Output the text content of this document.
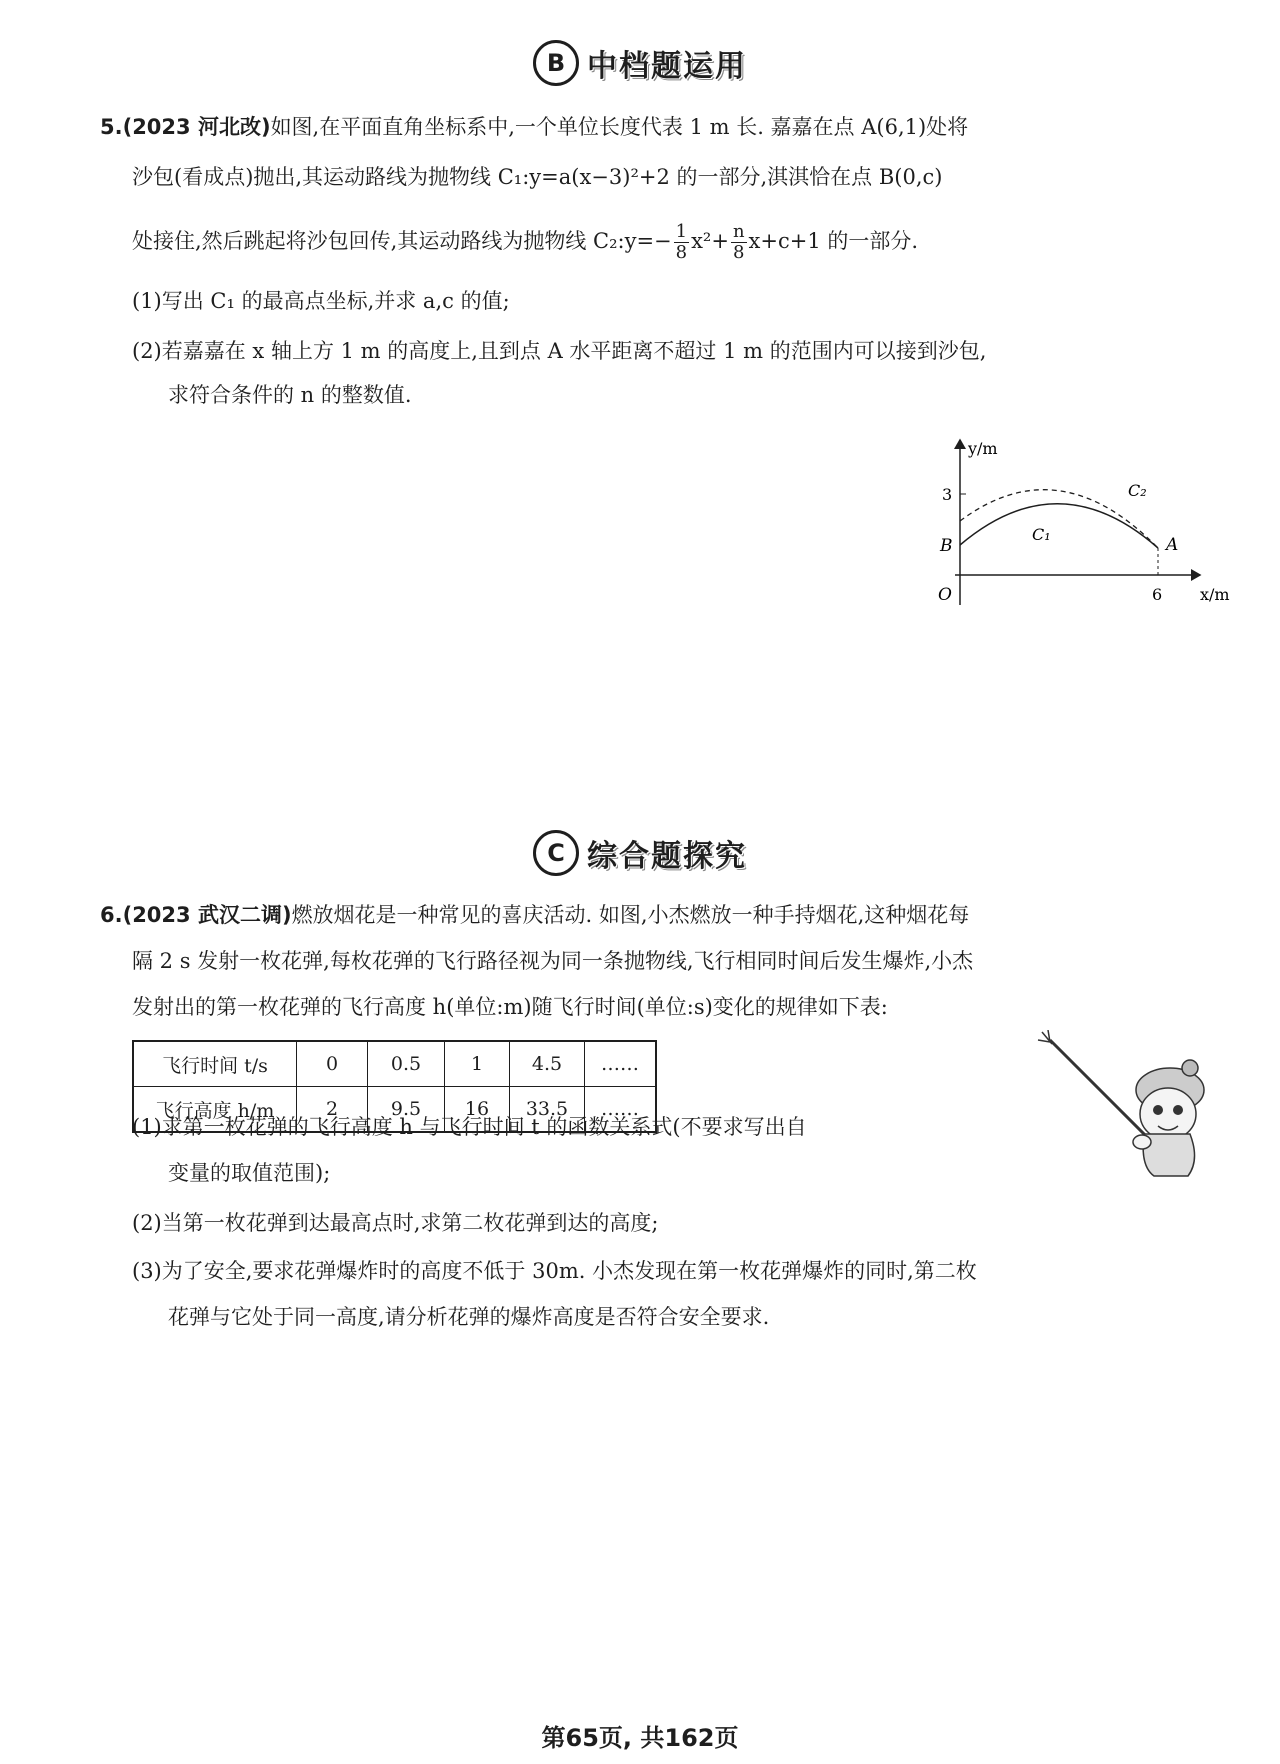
B 中档题运用
5.(2023 河北改)如图,在平面直角坐标系中,一个单位长度代表 1 m 长. 嘉嘉在点 A(6,1)处将
沙包(看成点)抛出,其运动路线为抛物线 C₁:y=a(x−3)²+2 的一部分,淇淇恰在点 B(0,c)
处接住,然后跳起将沙包回传,其运动路线为抛物线 C₂:y=− $\frac{1}{8} x^2+ \frac{n}{8} x+c+1$ 的一部分.
(1)写出 C₁ 的最高点坐标,并求 a,c 的值;
(2)若嘉嘉在 x 轴上方 1 m 的高度上,且到点 A 水平距离不超过 1 m 的范围内可以接到沙包,
求符合条件的 n 的整数值.
y/m
x/m
O
3
6
B	A
C₁
C₂
C 综合题探究
6.(2023 武汉二调)燃放烟花是一种常见的喜庆活动. 如图,小杰燃放一种手持烟花,这种烟花每
隔 2 s 发射一枚花弹,每枚花弹的飞行路径视为同一条抛物线,飞行相同时间后发生爆炸,小杰
发射出的第一枚花弹的飞行高度 h(单位:m)随飞行时间(单位:s)变化的规律如下表:
飞行时间 t/s	0	0.5	1	4.5	……
飞行高度 h/m	2	9.5	16	33.5	……
(1)求第一枚花弹的飞行高度 h 与飞行时间 t 的函数关系式(不要求写出自
变量的取值范围);
(2)当第一枚花弹到达最高点时,求第二枚花弹到达的高度;
(3)为了安全,要求花弹爆炸时的高度不低于 30m. 小杰发现在第一枚花弹爆炸的同时,第二枚
花弹与它处于同一高度,请分析花弹的爆炸高度是否符合安全要求.
第65页, 共162页
